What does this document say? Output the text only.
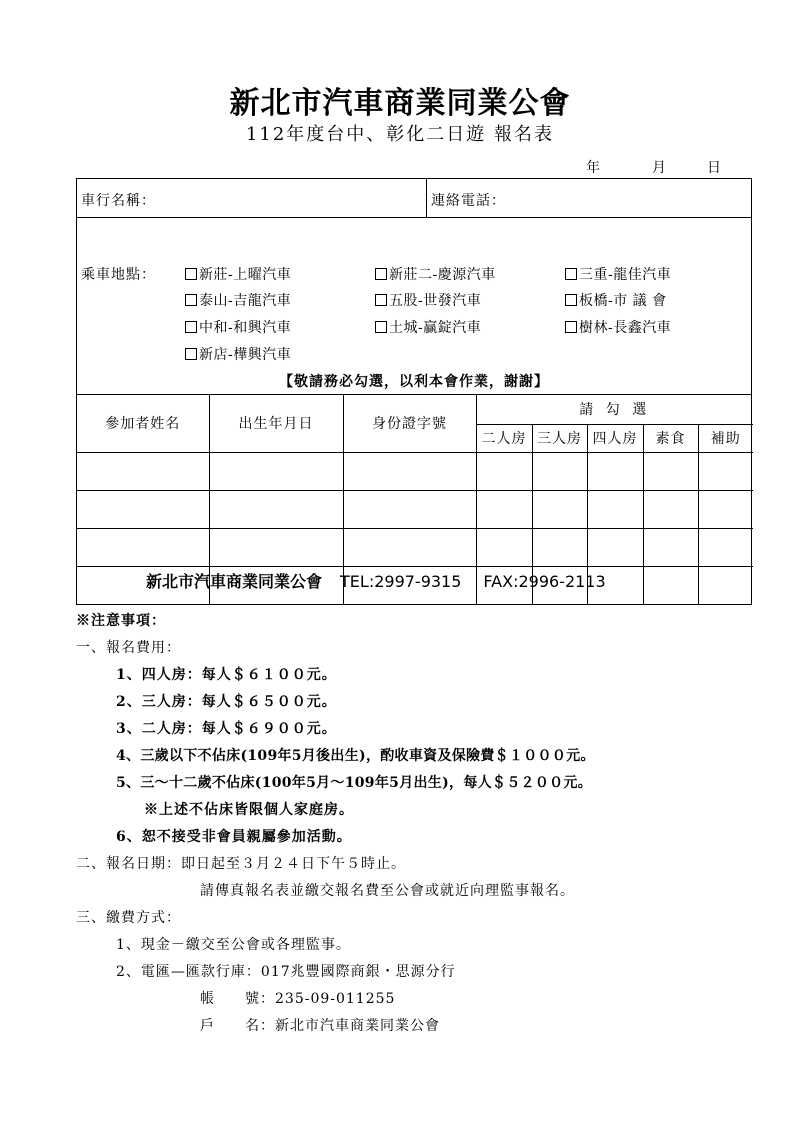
新北市汽車商業同業公會
112年度台中、彰化二日遊 報名表
年	月	日
車行名稱：	連絡電話：
乘車地點：	新莊-上曜汽車	新莊二-慶源汽車	三重-龍佳汽車
泰山-吉龍汽車	五股-世發汽車	板橋-市 議 會
中和-和興汽車	土城-贏錠汽車	樹林-長鑫汽車
新店-樺興汽車
【敬請務必勾選，以利本會作業，謝謝】
參加者姓名	出生年月日	身份證字號	請 勾 選				
			二人房	三人房	四人房	素食	補助

新北市汽車商業同業公會 TEL:2997-9315 FAX:2996-2113
※注意事項：
一、報名費用：
1、四人房：每人＄６１００元。
2、三人房：每人＄６５００元。
3、二人房：每人＄６９００元。
4、三歲以下不佔床(109年5月後出生)，酌收車資及保險費＄１０００元。
5、三～十二歲不佔床(100年5月～109年5月出生)，每人＄５２００元。
※上述不佔床皆限個人家庭房。
6、恕不接受非會員親屬參加活動。
二、報名日期：即日起至３月２４日下午５時止。
請傳真報名表並繳交報名費至公會或就近向理監事報名。
三、繳費方式：
1、現金－繳交至公會或各理監事。
2、電匯—匯款行庫：017兆豐國際商銀・思源分行
帳　　號：235-09-011255
戶　　名：新北市汽車商業同業公會
